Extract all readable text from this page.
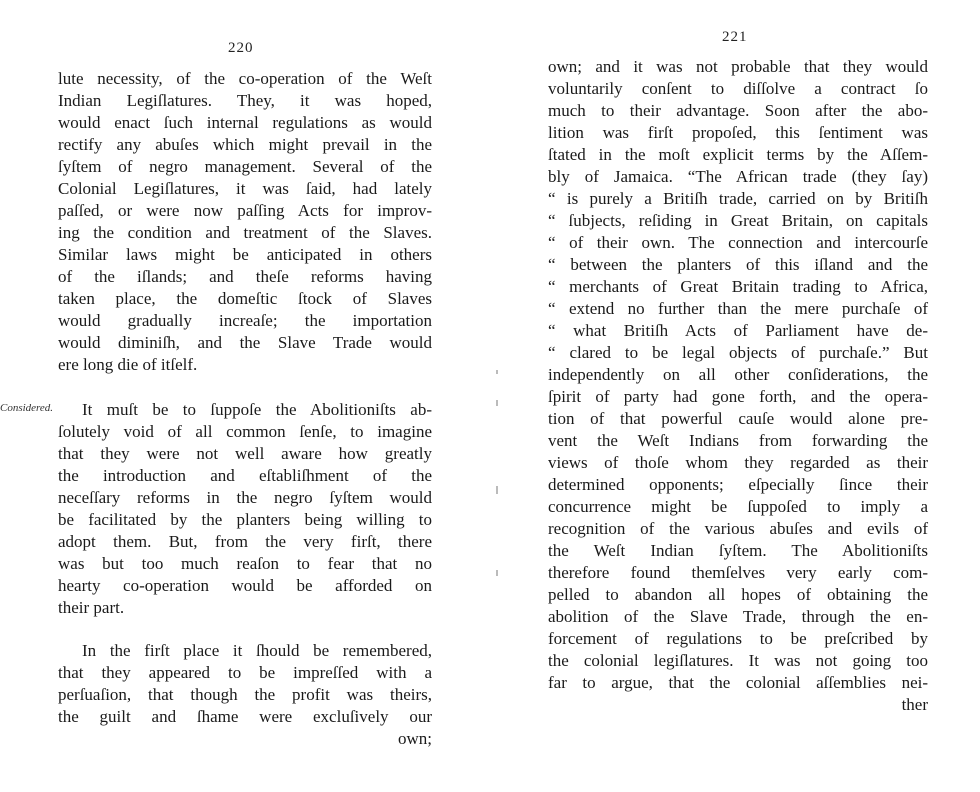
220
Considered.
lute necessity, of the co-operation of the Weſt
Indian Legiſlatures. They, it was hoped,
would enact ſuch internal regulations as would
rectify any abuſes which might prevail in the
ſyſtem of negro management. Several of the
Colonial Legiſlatures, it was ſaid, had lately
paſſed, or were now paſſing Acts for improv-
ing the condition and treatment of the Slaves.
Similar laws might be anticipated in others
of the iſlands; and theſe reforms having
taken place, the domeſtic ſtock of Slaves
would gradually increaſe; the importation
would diminiſh, and the Slave Trade would
ere long die of itſelf.
It muſt be to ſuppoſe the Abolitioniſts ab-
ſolutely void of all common ſenſe, to imagine
that they were not well aware how greatly
the introduction and eſtabliſhment of the
neceſſary reforms in the negro ſyſtem would
be facilitated by the planters being willing to
adopt them. But, from the very firſt, there
was but too much reaſon to fear that no
hearty co-operation would be afforded on
their part.
In the firſt place it ſhould be remembered,
that they appeared to be impreſſed with a
perſuaſion, that though the profit was theirs,
the guilt and ſhame were excluſively our
own;
221
own; and it was not probable that they would
voluntarily conſent to diſſolve a contract ſo
much to their advantage. Soon after the abo-
lition was firſt propoſed, this ſentiment was
ſtated in the moſt explicit terms by the Aſſem-
bly of Jamaica. “The African trade (they ſay)
“ is purely a Britiſh trade, carried on by Britiſh
“ ſubjects, reſiding in Great Britain, on capitals
“ of their own. The connection and intercourſe
“ between the planters of this iſland and the
“ merchants of Great Britain trading to Africa,
“ extend no further than the mere purchaſe of
“ what Britiſh Acts of Parliament have de-
“ clared to be legal objects of purchaſe.” But
independently on all other conſiderations, the
ſpirit of party had gone forth, and the opera-
tion of that powerful cauſe would alone pre-
vent the Weſt Indians from forwarding the
views of thoſe whom they regarded as their
determined opponents; eſpecially ſince their
concurrence might be ſuppoſed to imply a
recognition of the various abuſes and evils of
the Weſt Indian ſyſtem. The Abolitioniſts
therefore found themſelves very early com-
pelled to abandon all hopes of obtaining the
abolition of the Slave Trade, through the en-
forcement of regulations to be preſcribed by
the colonial legiſlatures. It was not going too
far to argue, that the colonial aſſemblies nei-
ther
